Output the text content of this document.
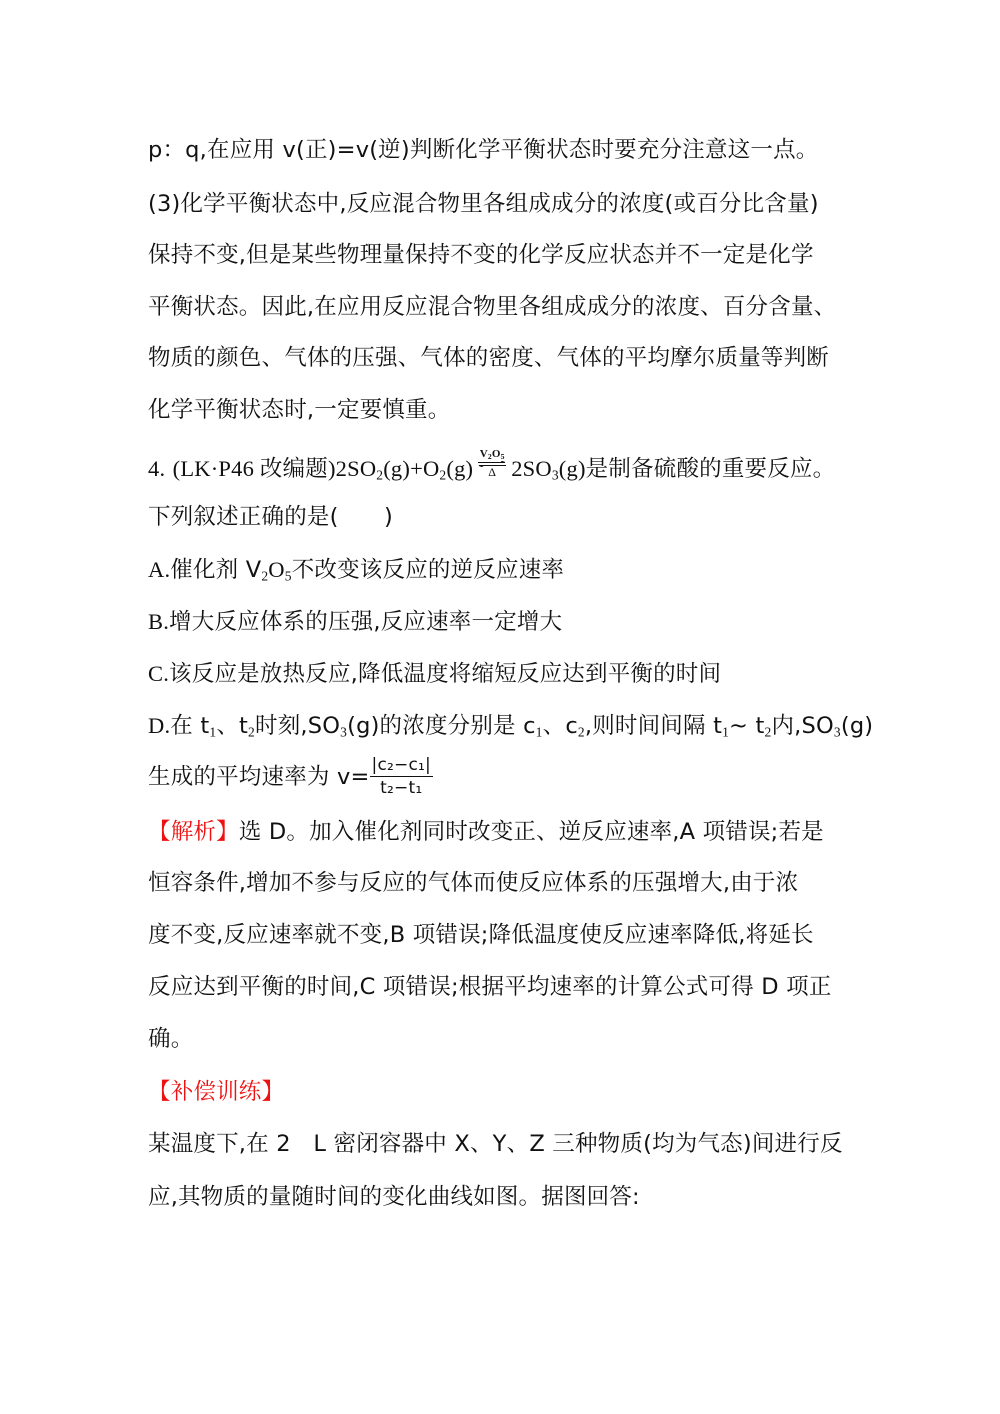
p：q,在应用 v(正)=v(逆)判断化学平衡状态时要充分注意这一点。
(3)化学平衡状态中,反应混合物里各组成成分的浓度(或百分比含量)
保持不变,但是某些物理量保持不变的化学反应状态并不一定是化学
平衡状态。因此,在应用反应混合物里各组成成分的浓度、百分含量、
物质的颜色、气体的压强、气体的密度、气体的平均摩尔质量等判断
化学平衡状态时,一定要慎重。
4. (LK·P46 改编题)$2SO_2(g)+O_2(g)$
$V_2O_5$
Δ $2SO_3(g)$是制备硫酸的重要反应。
下列叙述正确的是(　　)
A.催化剂 $V_2O_5$不改变该反应的逆反应速率
B.增大反应体系的压强,反应速率一定增大
C.该反应是放热反应,降低温度将缩短反应达到平衡的时间
D.在 $t_1$、$t_2$时刻$,SO_3(g)$的浓度分别是 $c_1$、$c_2$,则时间间隔 $t_1\sim$ $t_2$内$,SO_3(g)$
生成的平均速率为 $v= \frac{\text{|c₂−c₁|}}{\text{t₂−t₁}}$
【解析】选 D。加入催化剂同时改变正、逆反应速率,A 项错误;若是
恒容条件,增加不参与反应的气体而使反应体系的压强增大,由于浓
度不变,反应速率就不变,B 项错误;降低温度使反应速率降低,将延长
反应达到平衡的时间,C 项错误;根据平均速率的计算公式可得 D 项正
确。
【补偿训练】
某温度下,在 2　L 密闭容器中 X、Y、Z 三种物质(均为气态)间进行反
应,其物质的量随时间的变化曲线如图。据图回答:
